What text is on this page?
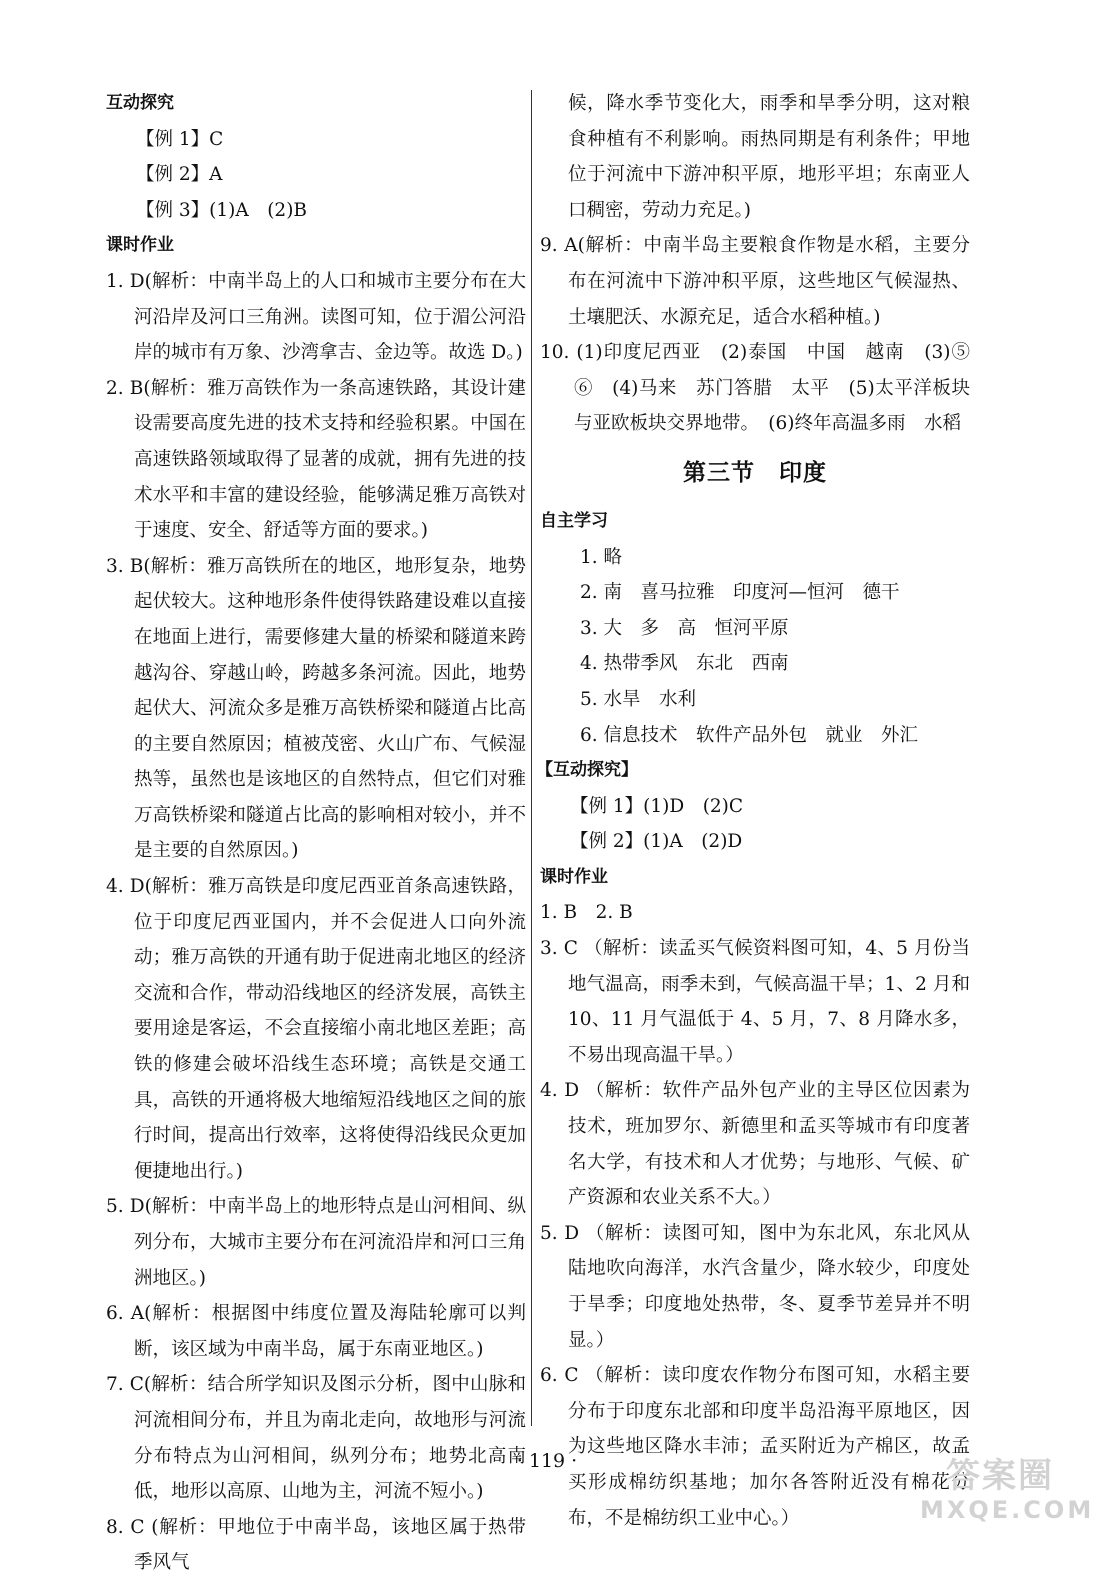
互动探究
【例 1】C
【例 2】A
【例 3】(1)A　(2)B
课时作业
1. D(解析：中南半岛上的人口和城市主要分布在大河沿岸及河口三角洲。读图可知，位于湄公河沿岸的城市有万象、沙湾拿吉、金边等。故选 D。)
2. B(解析：雅万高铁作为一条高速铁路，其设计建设需要高度先进的技术支持和经验积累。中国在高速铁路领域取得了显著的成就，拥有先进的技术水平和丰富的建设经验，能够满足雅万高铁对于速度、安全、舒适等方面的要求。)
3. B(解析：雅万高铁所在的地区，地形复杂，地势起伏较大。这种地形条件使得铁路建设难以直接在地面上进行，需要修建大量的桥梁和隧道来跨越沟谷、穿越山岭，跨越多条河流。因此，地势起伏大、河流众多是雅万高铁桥梁和隧道占比高的主要自然原因；植被茂密、火山广布、气候湿热等，虽然也是该地区的自然特点，但它们对雅万高铁桥梁和隧道占比高的影响相对较小，并不是主要的自然原因。)
4. D(解析：雅万高铁是印度尼西亚首条高速铁路，位于印度尼西亚国内，并不会促进人口向外流动；雅万高铁的开通有助于促进南北地区的经济交流和合作，带动沿线地区的经济发展，高铁主要用途是客运，不会直接缩小南北地区差距；高铁的修建会破坏沿线生态环境；高铁是交通工具，高铁的开通将极大地缩短沿线地区之间的旅行时间，提高出行效率，这将使得沿线民众更加便捷地出行。)
5. D(解析：中南半岛上的地形特点是山河相间、纵列分布，大城市主要分布在河流沿岸和河口三角洲地区。)
6. A(解析：根据图中纬度位置及海陆轮廓可以判断，该区域为中南半岛，属于东南亚地区。)
7. C(解析：结合所学知识及图示分析，图中山脉和河流相间分布，并且为南北走向，故地形与河流分布特点为山河相间，纵列分布；地势北高南低，地形以高原、山地为主，河流不短小。)
8. C (解析：甲地位于中南半岛，该地区属于热带季风气
候，降水季节变化大，雨季和旱季分明，这对粮食种植有不利影响。雨热同期是有利条件；甲地位于河流中下游冲积平原，地形平坦；东南亚人口稠密，劳动力充足。)
9. A(解析：中南半岛主要粮食作物是水稻，主要分布在河流中下游冲积平原，这些地区气候湿热、土壤肥沃、水源充足，适合水稻种植。)
10. (1)印度尼西亚　(2)泰国　中国　越南　(3)⑤　⑥　(4)马来　苏门答腊　太平　(5)太平洋板块与亚欧板块交界地带。　(6)终年高温多雨　水稻
第三节　印度
自主学习
1. 略
2. 南　喜马拉雅　印度河—恒河　德干
3. 大　多　高　恒河平原
4. 热带季风　东北　西南
5. 水旱　水利
6. 信息技术　软件产品外包　就业　外汇
【互动探究】
【例 1】(1)D　(2)C
【例 2】(1)A　(2)D
课时作业
1. B　2. B
3. C （解析：读孟买气候资料图可知，4、5 月份当地气温高，雨季未到，气候高温干旱；1、2 月和 10、11 月气温低于 4、5 月，7、8 月降水多，不易出现高温干旱。）
4. D （解析：软件产品外包产业的主导区位因素为技术，班加罗尔、新德里和孟买等城市有印度著名大学，有技术和人才优势；与地形、气候、矿产资源和农业关系不大。）
5. D （解析：读图可知，图中为东北风，东北风从陆地吹向海洋，水汽含量少，降水较少，印度处于旱季；印度地处热带，冬、夏季节差异并不明显。）
6. C （解析：读印度农作物分布图可知，水稻主要分布于印度东北部和印度半岛沿海平原地区，因为这些地区降水丰沛；孟买附近为产棉区，故孟买形成棉纺织基地；加尔各答附近没有棉花分布，不是棉纺织工业中心。）
· 119 ·	答案圈
MXQE.COM
